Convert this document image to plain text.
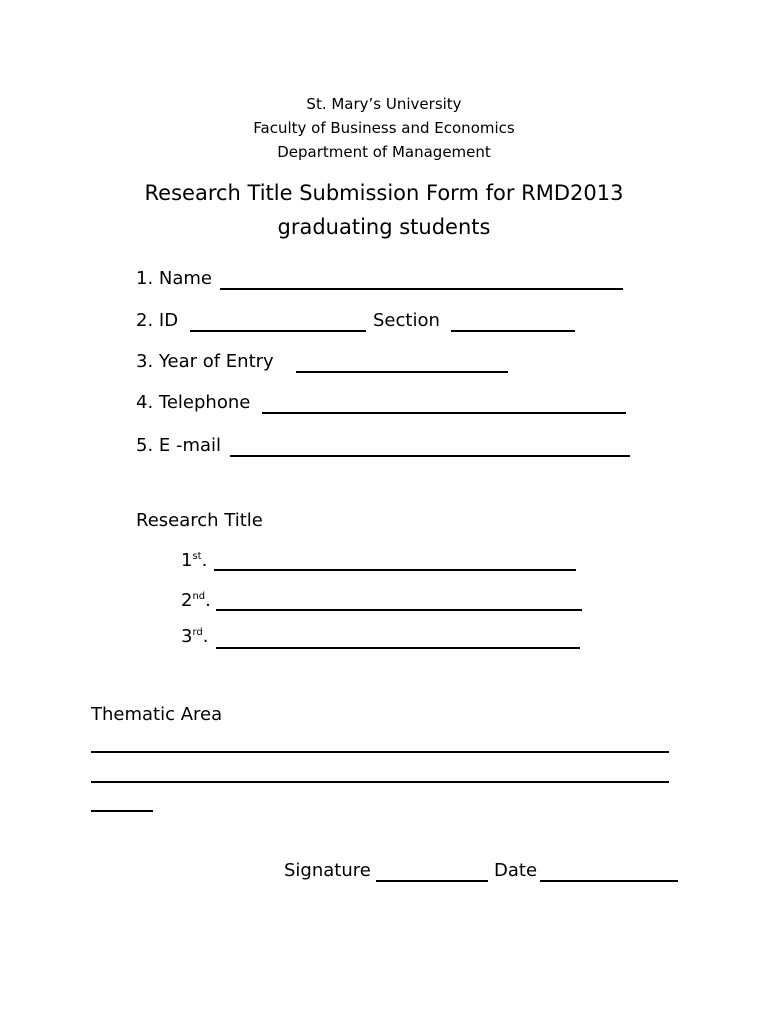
St. Mary’s University
Faculty of Business and Economics
Department of Management
Research Title Submission Form for RMD2013
graduating students
1. Name
2. ID	Section
3. Year of Entry
4. Telephone
5. E -mail
Research Title
1st.
2nd.
3rd.
Thematic Area
Signature	Date
